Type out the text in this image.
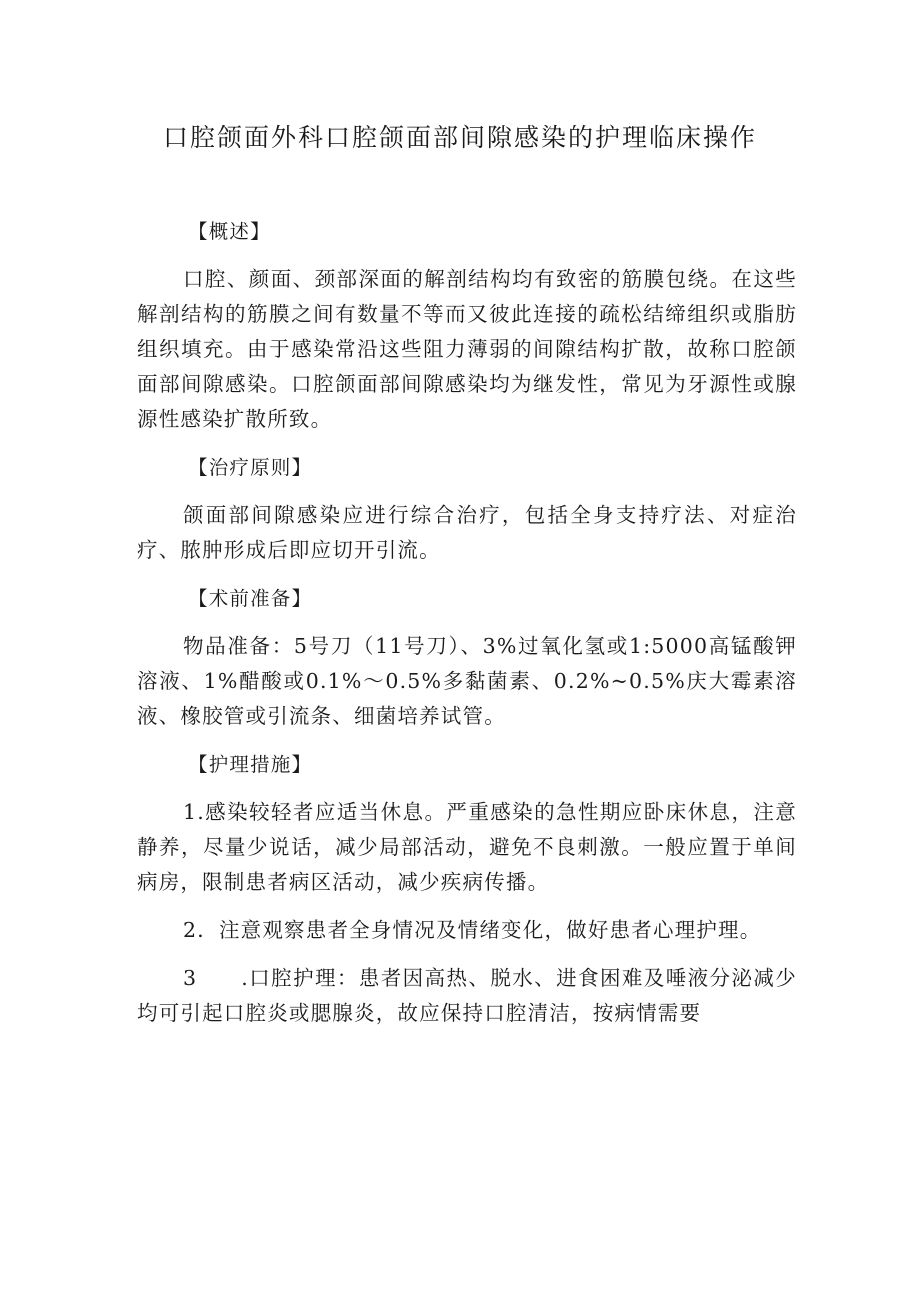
口腔颌面外科口腔颌面部间隙感染的护理临床操作
【概述】

口腔、颜面、颈部深面的解剖结构均有致密的筋膜包绕。在这些解剖结构的筋膜之间有数量不等而又彼此连接的疏松结缔组织或脂肪组织填充。由于感染常沿这些阻力薄弱的间隙结构扩散，故称口腔颌面部间隙感染。口腔颌面部间隙感染均为继发性，常见为牙源性或腺源性感染扩散所致。

【治疗原则】

颌面部间隙感染应进行综合治疗，包括全身支持疗法、对症治疗、脓肿形成后即应切开引流。

【术前准备】

物品准备：5号刀（11号刀）、3%过氧化氢或1:5000高锰酸钾溶液、1%醋酸或0.1%～0.5%多黏菌素、0.2%~0.5%庆大霉素溶液、橡胶管或引流条、细菌培养试管。

【护理措施】

1.感染较轻者应适当休息。严重感染的急性期应卧床休息，注意静养，尽量少说话，减少局部活动，避免不良刺激。一般应置于单间病房，限制患者病区活动，减少疾病传播。

2．注意观察患者全身情况及情绪变化，做好患者心理护理。

3　　.口腔护理：患者因高热、脱水、进食困难及唾液分泌减少均可引起口腔炎或腮腺炎，故应保持口腔清洁，按病情需要
